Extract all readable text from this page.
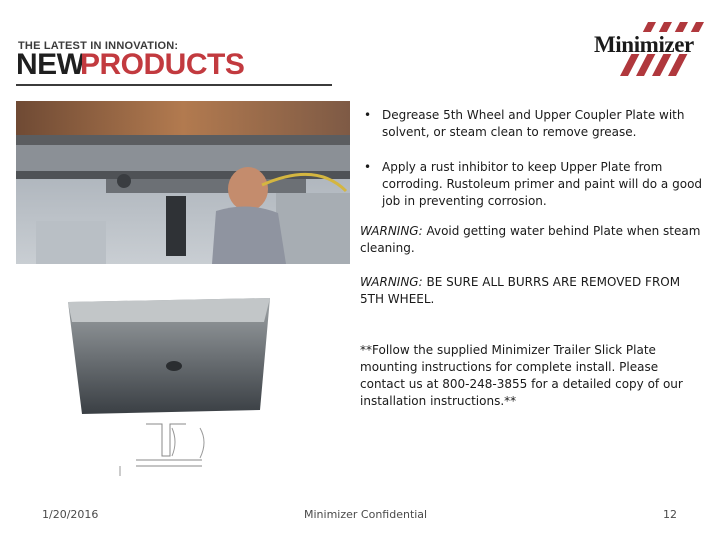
THE LATEST IN INNOVATION:
NEW
PRODUCTS
Minimizer
• Degrease 5th Wheel and Upper Coupler Plate with solvent, or steam clean to remove grease.
• Apply a rust inhibitor to keep Upper Plate from corroding. Rustoleum primer and paint will do a good job in preventing corrosion.
WARNING: Avoid getting water behind Plate when steam cleaning.
WARNING: BE SURE ALL BURRS ARE REMOVED FROM 5TH WHEEL.
**Follow the supplied Minimizer Trailer Slick Plate mounting instructions for complete install. Please contact us at 800-248-3855 for a detailed copy of our installation instructions.**
1/20/2016	Minimizer Confidential	12
